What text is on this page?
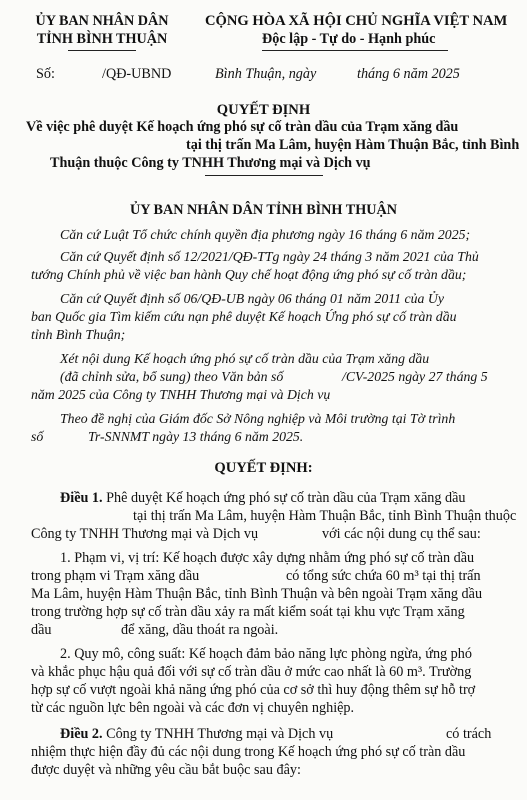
ỦY BAN NHÂN DÂN
TỈNH BÌNH THUẬN
CỘNG HÒA XÃ HỘI CHỦ NGHĨA VIỆT NAM
Độc lập - Tự do - Hạnh phúc
Số:	/QĐ-UBND	Bình Thuận, ngày	tháng 6 năm 2025
QUYẾT ĐỊNH
Về việc phê duyệt Kế hoạch ứng phó sự cố tràn dầu của Trạm xăng dầu
tại thị trấn Ma Lâm, huyện Hàm Thuận Bắc, tỉnh Bình
Thuận thuộc Công ty TNHH Thương mại và Dịch vụ
ỦY BAN NHÂN DÂN TỈNH BÌNH THUẬN
Căn cứ Luật Tổ chức chính quyền địa phương ngày 16 tháng 6 năm 2025;
Căn cứ Quyết định số 12/2021/QĐ-TTg ngày 24 tháng 3 năm 2021 của Thủ
tướng Chính phủ về việc ban hành Quy chế hoạt động ứng phó sự cố tràn dầu;
Căn cứ Quyết định số 06/QĐ-UB ngày 06 tháng 01 năm 2011 của Ủy
ban Quốc gia Tìm kiếm cứu nạn phê duyệt Kế hoạch Ứng phó sự cố tràn dầu
tỉnh Bình Thuận;
Xét nội dung Kế hoạch ứng phó sự cố tràn dầu của Trạm xăng dầu
(đã chỉnh sửa, bổ sung) theo Văn bản số	/CV-2025 ngày 27 tháng 5
năm 2025 của Công ty TNHH Thương mại và Dịch vụ
Theo đề nghị của Giám đốc Sở Nông nghiệp và Môi trường tại Tờ trình
số	Tr-SNNMT ngày 13 tháng 6 năm 2025.
QUYẾT ĐỊNH:
Điều 1. Phê duyệt Kế hoạch ứng phó sự cố tràn dầu của Trạm xăng dầu
tại thị trấn Ma Lâm, huyện Hàm Thuận Bắc, tỉnh Bình Thuận thuộc
Công ty TNHH Thương mại và Dịch vụ	với các nội dung cụ thể sau:
1. Phạm vi, vị trí: Kế hoạch được xây dựng nhằm ứng phó sự cố tràn dầu
trong phạm vi Trạm xăng dầu	có tổng sức chứa 60 m³ tại thị trấn
Ma Lâm, huyện Hàm Thuận Bắc, tỉnh Bình Thuận và bên ngoài Trạm xăng dầu
trong trường hợp sự cố tràn dầu xảy ra mất kiểm soát tại khu vực Trạm xăng
dầu	để xăng, dầu thoát ra ngoài.
2. Quy mô, công suất: Kế hoạch đảm bảo năng lực phòng ngừa, ứng phó
và khắc phục hậu quả đối với sự cố tràn dầu ở mức cao nhất là 60 m³. Trường
hợp sự cố vượt ngoài khả năng ứng phó của cơ sở thì huy động thêm sự hỗ trợ
từ các nguồn lực bên ngoài và các đơn vị chuyên nghiệp.
Điều 2. Công ty TNHH Thương mại và Dịch vụ	có trách
nhiệm thực hiện đầy đủ các nội dung trong Kế hoạch ứng phó sự cố tràn dầu
được duyệt và những yêu cầu bắt buộc sau đây:
